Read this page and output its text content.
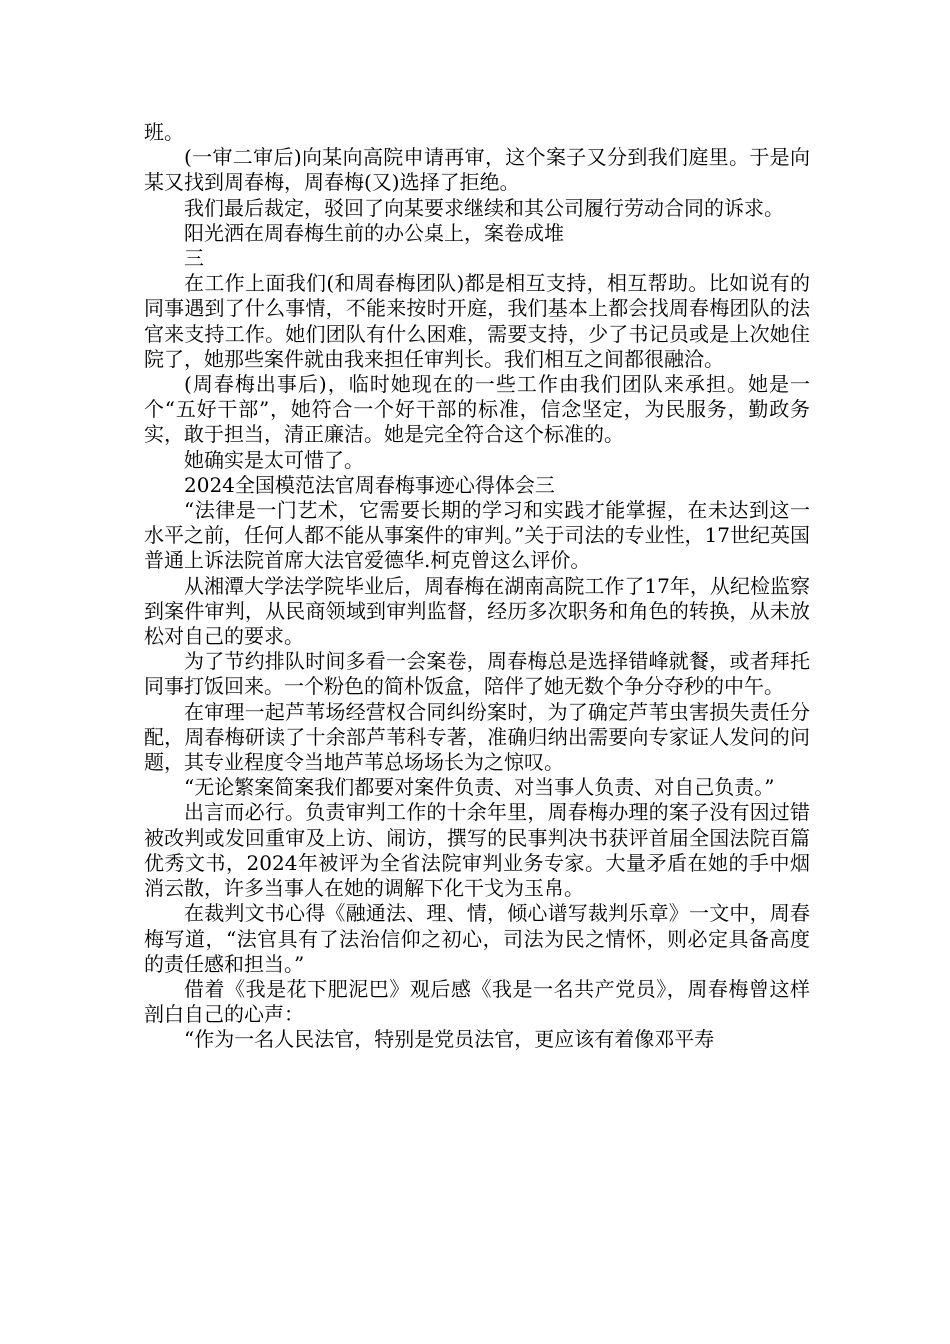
班。

(一审二审后)向某向高院申请再审，这个案子又分到我们庭里。于是向某又找到周春梅，周春梅(又)选择了拒绝。

我们最后裁定，驳回了向某要求继续和其公司履行劳动合同的诉求。

阳光洒在周春梅生前的办公桌上，案卷成堆

三

在工作上面我们(和周春梅团队)都是相互支持，相互帮助。比如说有的同事遇到了什么事情，不能来按时开庭，我们基本上都会找周春梅团队的法官来支持工作。她们团队有什么困难，需要支持，少了书记员或是上次她住院了，她那些案件就由我来担任审判长。我们相互之间都很融洽。

(周春梅出事后)，临时她现在的一些工作由我们团队来承担。她是一个“五好干部”，她符合一个好干部的标准，信念坚定，为民服务，勤政务实，敢于担当，清正廉洁。她是完全符合这个标准的。

她确实是太可惜了。

2024全国模范法官周春梅事迹心得体会三

“法律是一门艺术，它需要长期的学习和实践才能掌握，在未达到这一水平之前，任何人都不能从事案件的审判。”关于司法的专业性，17世纪英国普通上诉法院首席大法官爱德华.柯克曾这么评价。

从湘潭大学法学院毕业后，周春梅在湖南高院工作了17年，从纪检监察到案件审判，从民商领域到审判监督，经历多次职务和角色的转换，从未放松对自己的要求。

为了节约排队时间多看一会案卷，周春梅总是选择错峰就餐，或者拜托同事打饭回来。一个粉色的简朴饭盒，陪伴了她无数个争分夺秒的中午。

在审理一起芦苇场经营权合同纠纷案时，为了确定芦苇虫害损失责任分配，周春梅研读了十余部芦苇科专著，准确归纳出需要向专家证人发问的问题，其专业程度令当地芦苇总场场长为之惊叹。

“无论繁案简案我们都要对案件负责、对当事人负责、对自己负责。”

出言而必行。负责审判工作的十余年里，周春梅办理的案子没有因过错被改判或发回重审及上访、闹访，撰写的民事判决书获评首届全国法院百篇优秀文书，2024年被评为全省法院审判业务专家。大量矛盾在她的手中烟消云散，许多当事人在她的调解下化干戈为玉帛。

在裁判文书心得《融通法、理、情，倾心谱写裁判乐章》一文中，周春梅写道，“法官具有了法治信仰之初心，司法为民之情怀，则必定具备高度的责任感和担当。”

借着《我是花下肥泥巴》观后感《我是一名共产党员》，周春梅曾这样剖白自己的心声：

“作为一名人民法官，特别是党员法官，更应该有着像邓平寿
